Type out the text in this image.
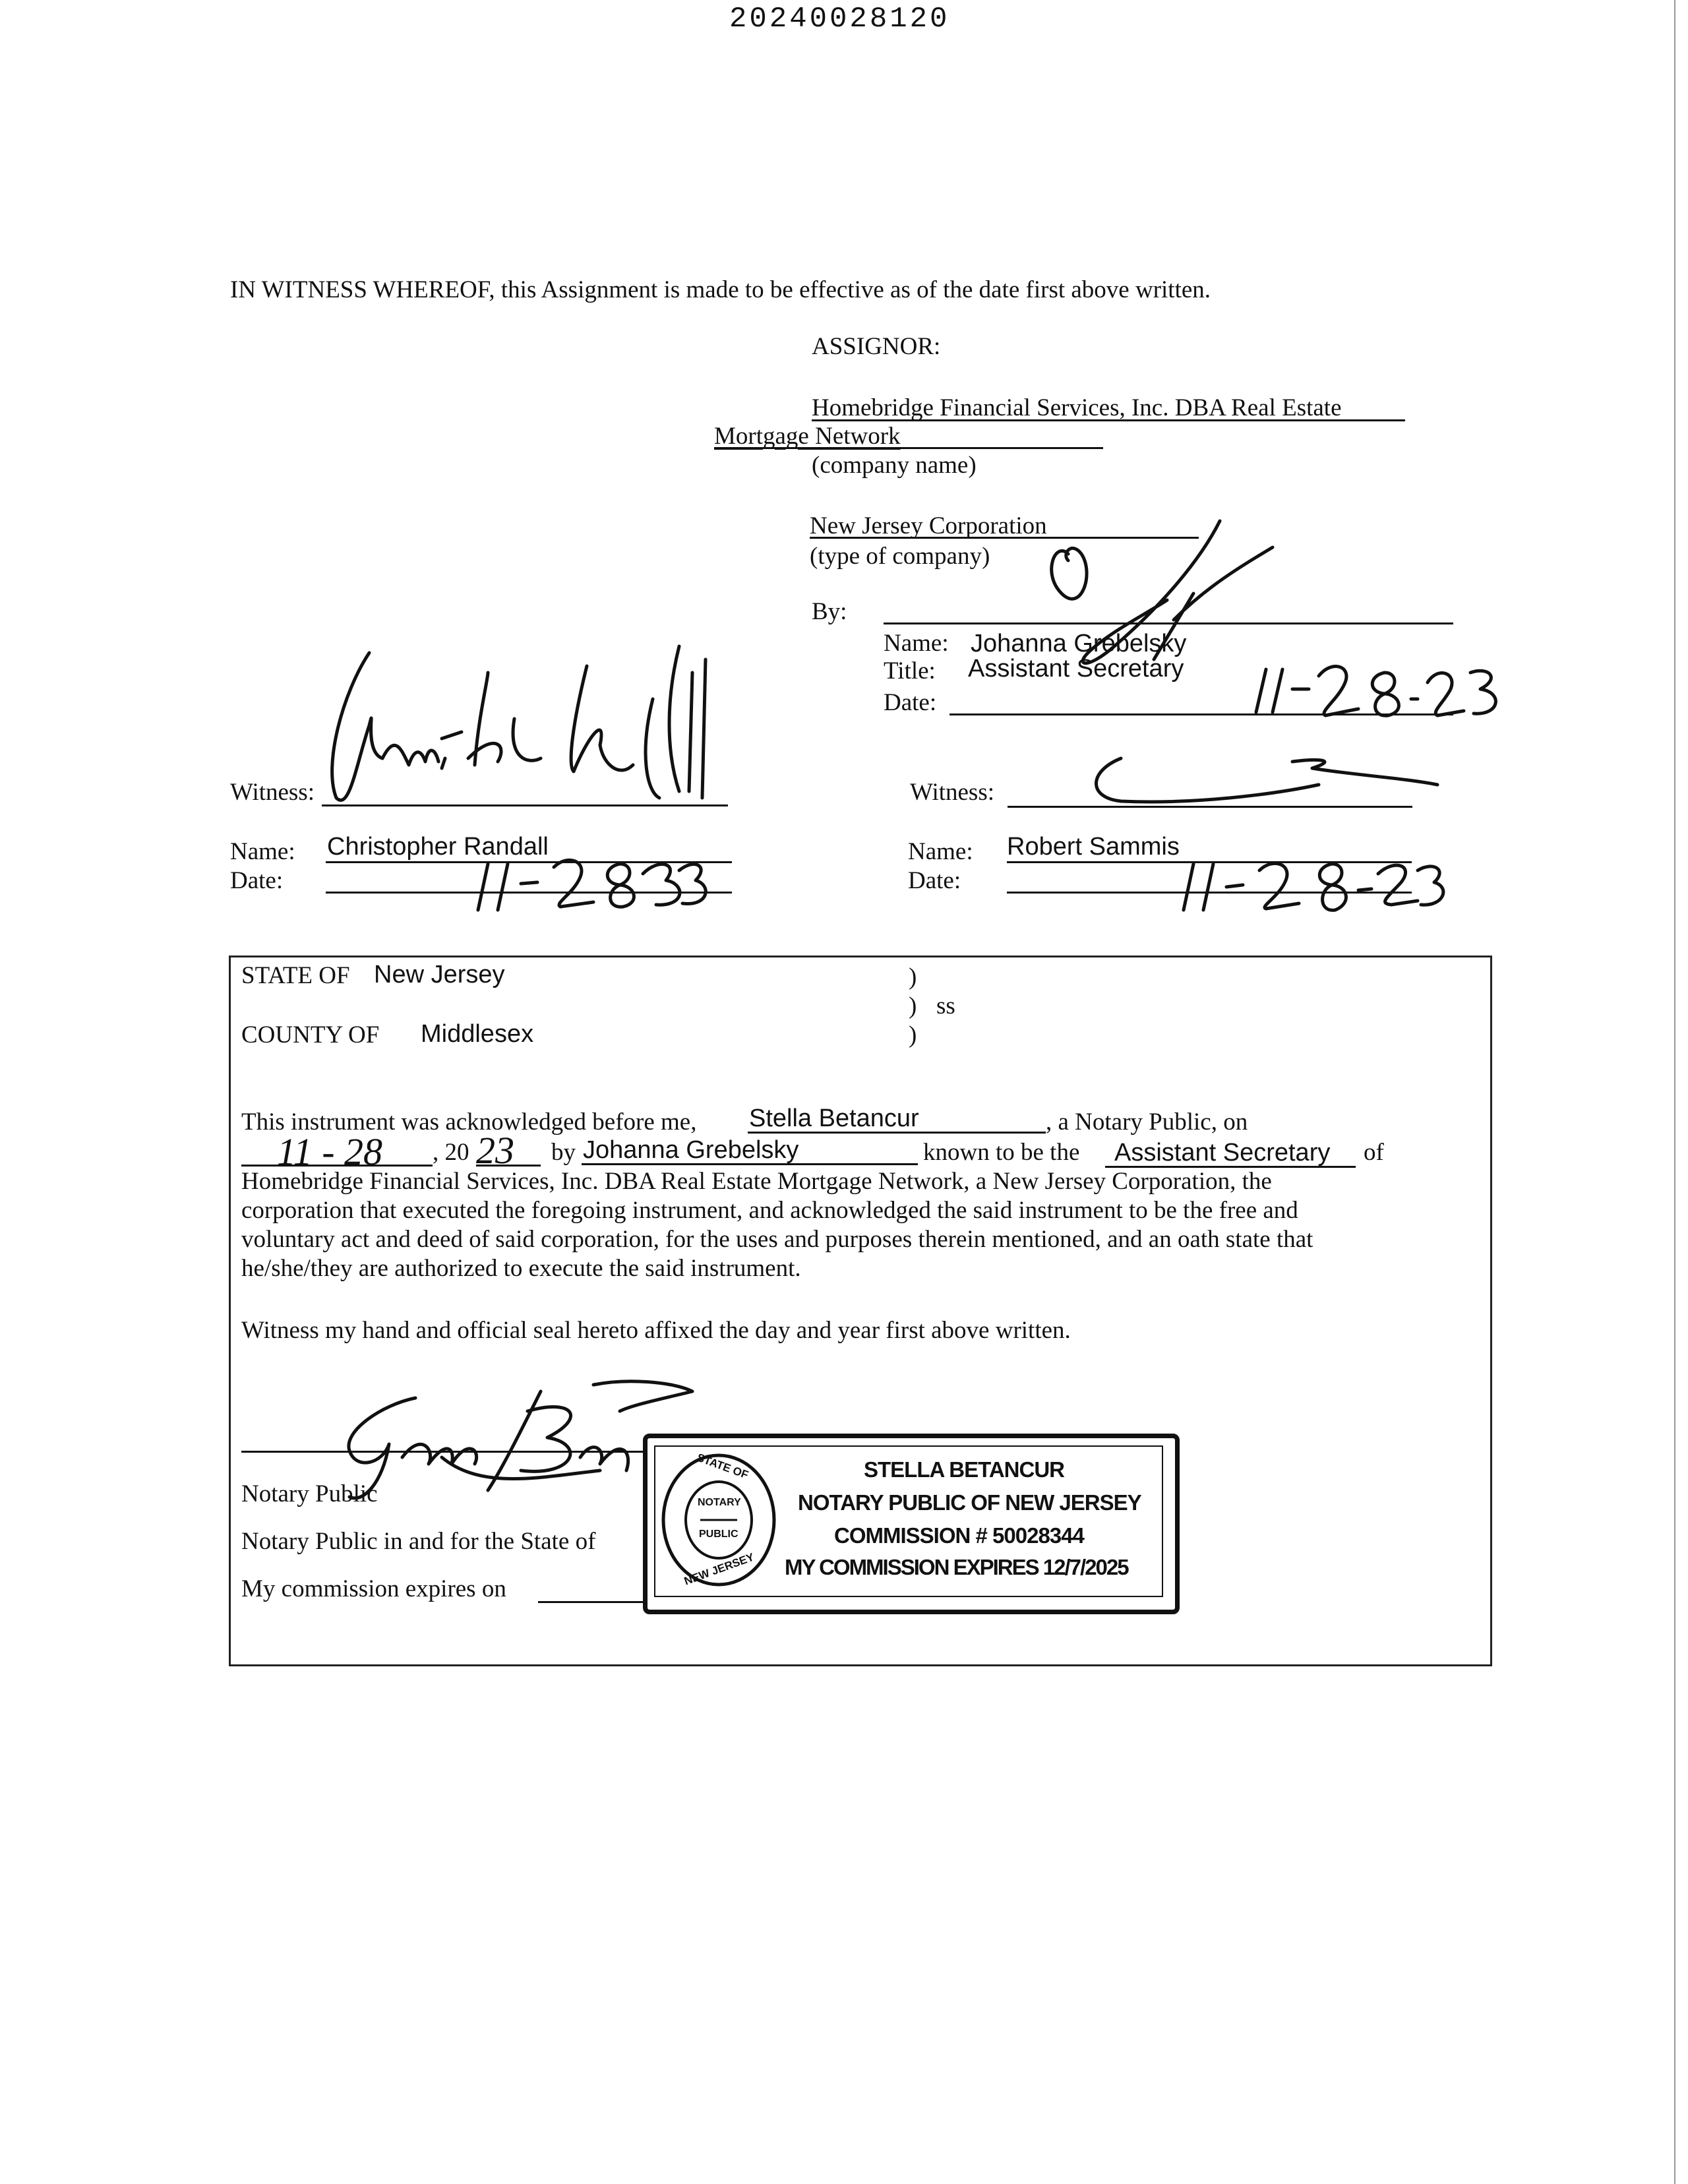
20240028120
IN WITNESS WHEREOF, this Assignment is made to be effective as of the date first above written.
ASSIGNOR:
Homebridge Financial Services, Inc. DBA Real Estate
Mortgage Network
(company name)
New Jersey Corporation
(type of company)
By:
Name: Johanna Grebelsky
Title: Assistant Secretary
Date:
Witness:
Name: Christopher Randall
Date:
Witness:
Name: Robert Sammis
Date:
STATE OF New Jersey
COUNTY OF Middlesex
)
) ss
)
This instrument was acknowledged before me, Stella Betancur	, a Notary Public, on
11 - 28 , 20 23 by Johanna Grebelsky	known to be the Assistant Secretary of
Homebridge Financial Services, Inc. DBA Real Estate Mortgage Network, a New Jersey Corporation, the
corporation that executed the foregoing instrument, and acknowledged the said instrument to be the free and
voluntary act and deed of said corporation, for the uses and purposes therein mentioned, and an oath state that
he/she/they are authorized to execute the said instrument.
Witness my hand and official seal hereto affixed the day and year first above written.
Notary Public
Notary Public in and for the State of
My commission expires on
STATE OF
NOTARY
PUBLIC
NEW JERSEY
STELLA BETANCUR
NOTARY PUBLIC OF NEW JERSEY
COMMISSION # 50028344
MY COMMISSION EXPIRES 12/7/2025
